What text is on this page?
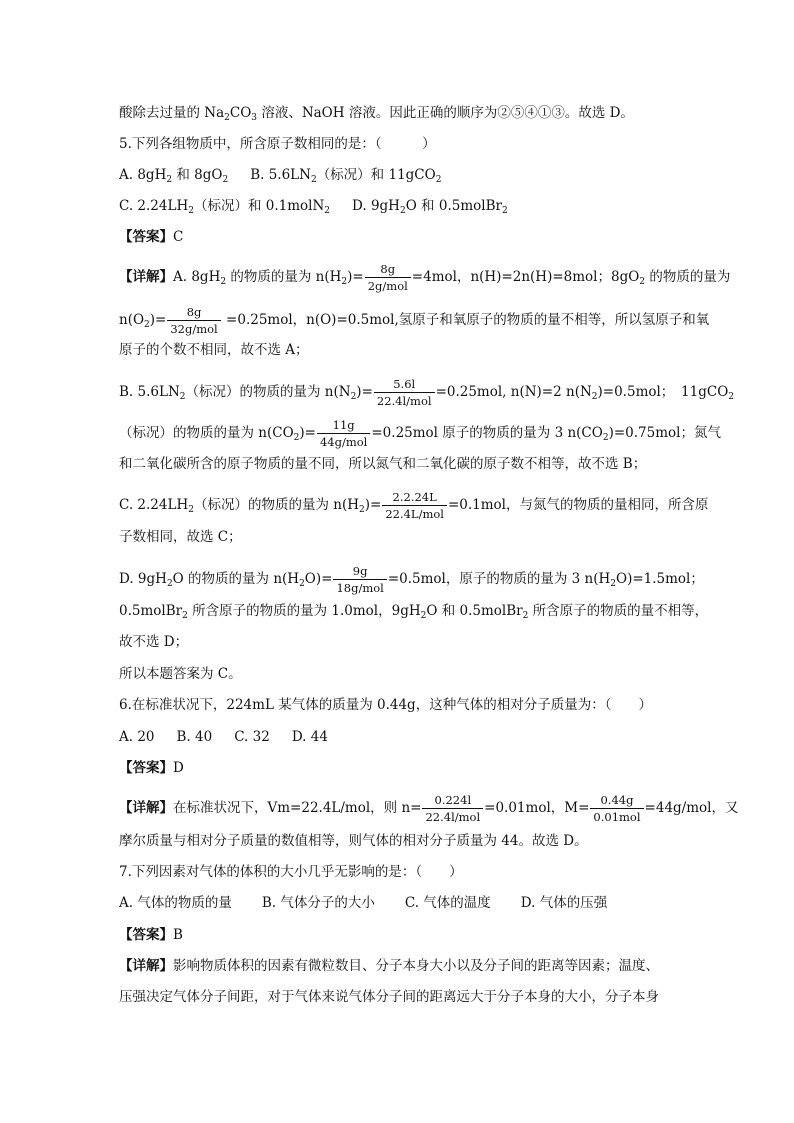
酸除去过量的 $Na_2CO_3$ 溶液、NaOH 溶液。因此正确的顺序为②⑤④①③。故选 D。
5.下列各组物质中，所含原子数相同的是：（　　　）
A. $8gH_2$ 和 $8gO_2$ B. $5.6LN_2$（标况）和 11gCO$_2$
C. $2.24LH_2$（标况）和 0.1molN$_2$ D. $9gH_2O$ 和 0.5molBr$_2$
【答案】C
【详解】A. $8gH_2$ 的物质的量为 $n(H_2)= \frac{8g}{\text{2g/mol}} =4mol$，n(H)=2n(H)=8mol；$8gO_2$ 的物质的量为
$n(O_2)= \frac{8g}{\text{32g/mol}} =0.25mol$，n(O)=0.5mol,氢原子和氧原子的物质的量不相等，所以氢原子和氧
原子的个数不相同，故不选 A；
B. $5.6LN_2$（标况）的物质的量为 $n(N_2)= \frac{5.6l}{\text{22.4l/mol}} =0.25mol$, n(N)=2 $n(N_2)=0.5mol$；　11gCO$_2$
（标况）的物质的量为 $n(CO_2)= \frac{11g}{\text{44g/mol}} =0.25mol$ 原子的物质的量为 3 $n(CO_2)=0.75mol$；氮气
和二氧化碳所含的原子物质的量不同，所以氮气和二氧化碳的原子数不相等，故不选 B；
C. $2.24LH_2$（标况）的物质的量为 $n(H_2)= \frac{2.2.24L}{\text{22.4L/mol}} =0.1mol$，与氮气的物质的量相同，所含原
子数相同，故选 C；
D. $9gH_2O$ 的物质的量为 $n(H_2O)= \frac{9g}{\text{18g/mol}} =0.5mol$，原子的物质的量为 3 $n(H_2O)=1.5mol$；
0.5molBr$_2$ 所含原子的物质的量为 1.0mol，$9gH_2O$ 和 0.5molBr$_2$ 所含原子的物质的量不相等，
故不选 D；
所以本题答案为 C。
6.在标准状况下，224mL 某气体的质量为 0.44g，这种气体的相对分子质量为：（　　）
A. 20 B. 40 C. 32 D. 44
【答案】D
【详解】在标准状况下，Vm=22.4L/mol，则 $n= \frac{0.224l}{\text{22.4l/mol}} =0.01mol$，$M= \frac{0.44g}{\text{0.01mol}} =44g/mol$，又
摩尔质量与相对分子质量的数值相等，则气体的相对分子质量为 44。故选 D。
7.下列因素对气体的体积的大小几乎无影响的是：（　　）
A. 气体的物质的量 B. 气体分子的大小 C. 气体的温度 D. 气体的压强
【答案】B
【详解】影响物质体积的因素有微粒数目、分子本身大小以及分子间的距离等因素；温度、
压强决定气体分子间距，对于气体来说气体分子间的距离远大于分子本身的大小，分子本身
